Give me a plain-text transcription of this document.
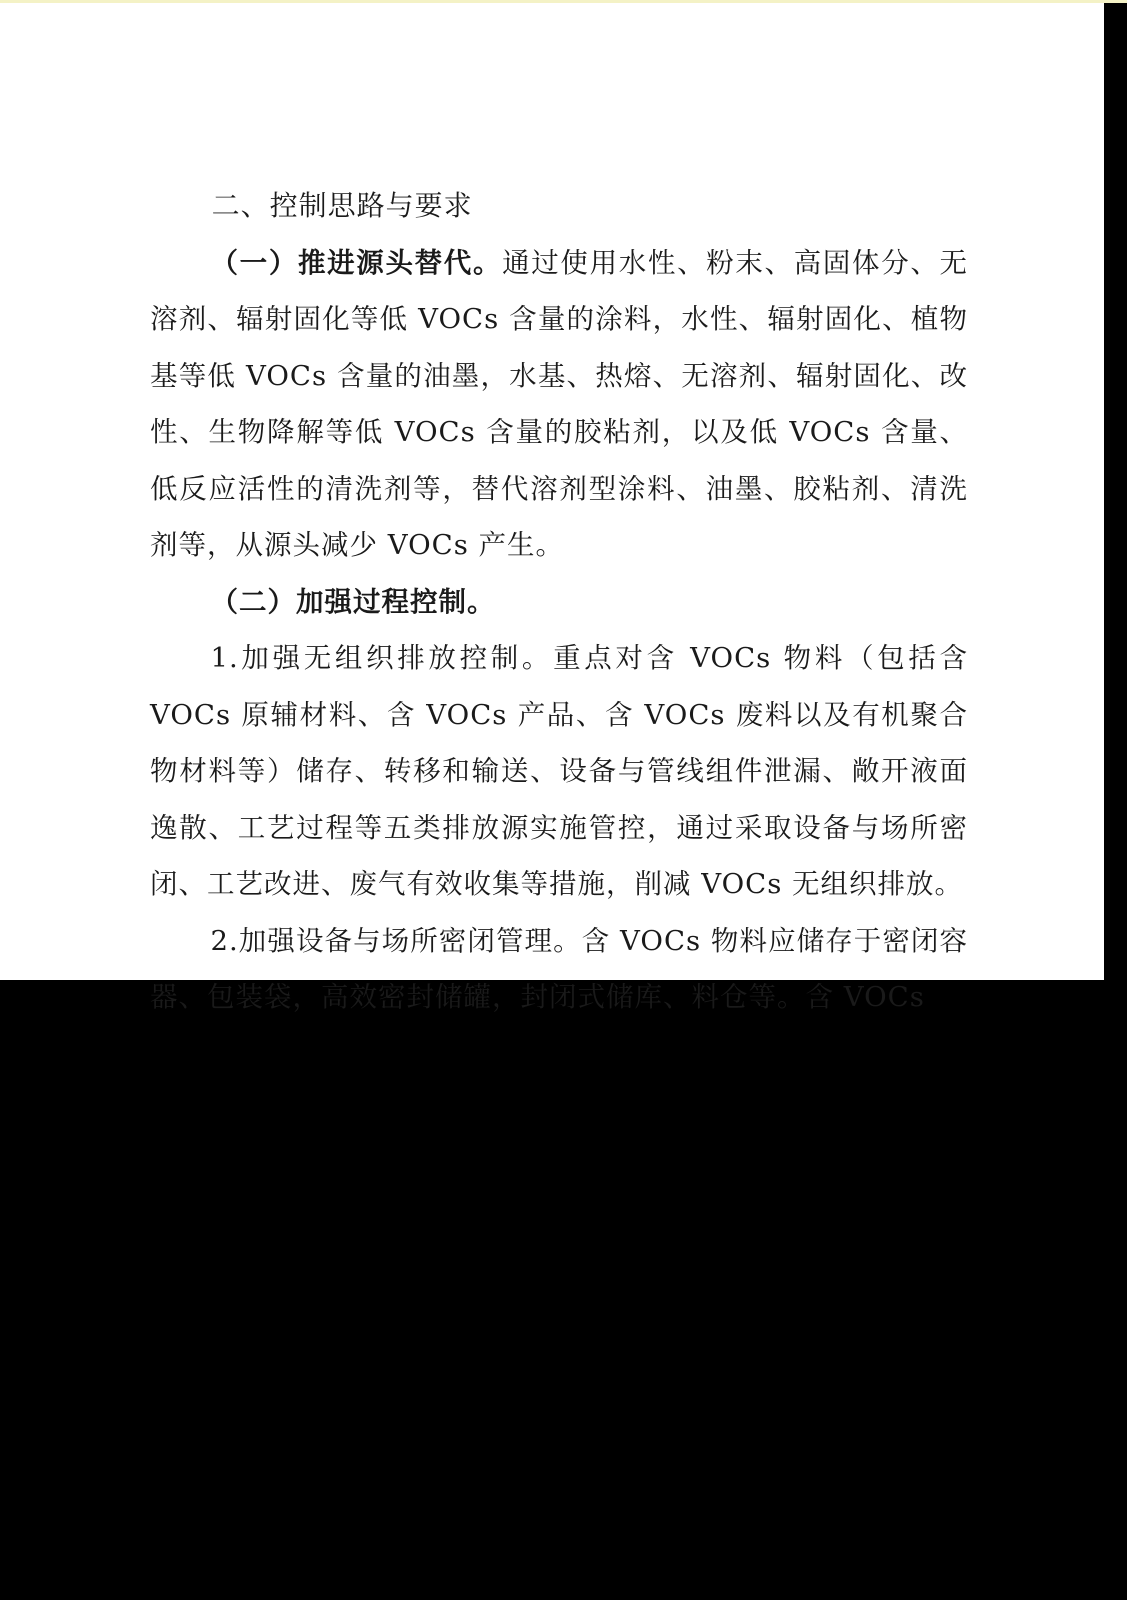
二、控制思路与要求

（一）推进源头替代。通过使用水性、粉末、高固体分、无溶剂、辐射固化等低 VOCs 含量的涂料，水性、辐射固化、植物基等低 VOCs 含量的油墨，水基、热熔、无溶剂、辐射固化、改性、生物降解等低 VOCs 含量的胶粘剂，以及低 VOCs 含量、低反应活性的清洗剂等，替代溶剂型涂料、油墨、胶粘剂、清洗剂等，从源头减少 VOCs 产生。

（二）加强过程控制。

1.加强无组织排放控制。重点对含 VOCs 物料（包括含 VOCs 原辅材料、含 VOCs 产品、含 VOCs 废料以及有机聚合物材料等）储存、转移和输送、设备与管线组件泄漏、敞开液面逸散、工艺过程等五类排放源实施管控，通过采取设备与场所密闭、工艺改进、废气有效收集等措施，削减 VOCs 无组织排放。

2.加强设备与场所密闭管理。含 VOCs 物料应储存于密闭容器、包装袋，高效密封储罐，封闭式储库、料仓等。含 VOCs
